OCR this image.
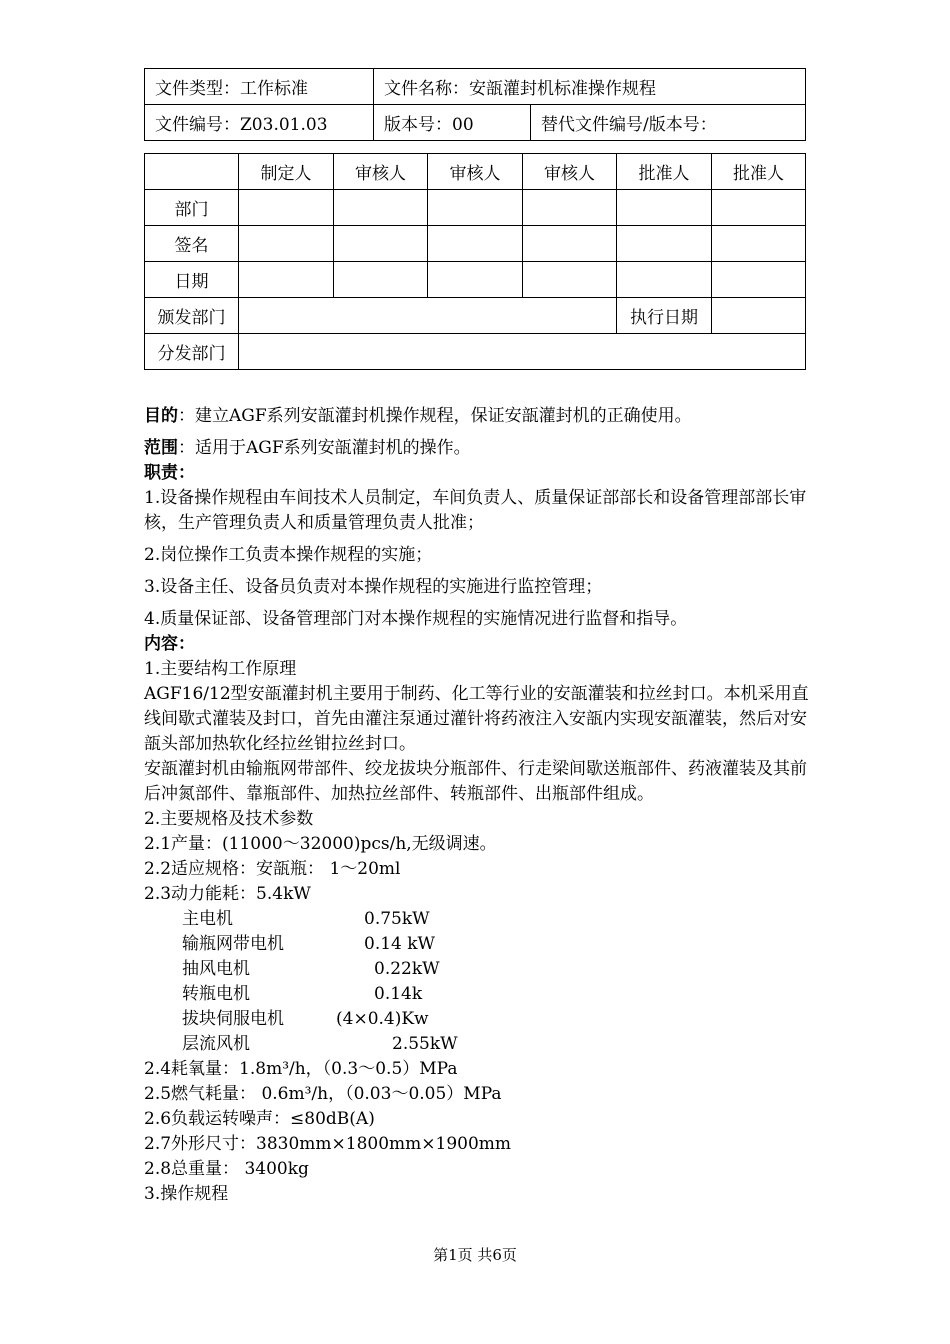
文件类型：工作标准	文件名称：安瓿灌封机标准操作规程	
文件编号：Z03.01.03	版本号：00	替代文件编号/版本号：
	制定人	审核人	审核人	审核人	批准人	批准人
部门						
签名						
日期						
颁发部门					执行日期	
分发部门						

目的：建立AGF系列安瓿灌封机操作规程，保证安瓿灌封机的正确使用。

范围：适用于AGF系列安瓿灌封机的操作。

职责：

1.设备操作规程由车间技术人员制定，车间负责人、质量保证部部长和设备管理部部长审核，生产管理负责人和质量管理负责人批准；

2.岗位操作工负责本操作规程的实施；

3.设备主任、设备员负责对本操作规程的实施进行监控管理；

4.质量保证部、设备管理部门对本操作规程的实施情况进行监督和指导。

内容：

1.主要结构工作原理

AGF16/12型安瓿灌封机主要用于制药、化工等行业的安瓿灌装和拉丝封口。本机采用直线间歇式灌装及封口，首先由灌注泵通过灌针将药液注入安瓿内实现安瓿灌装，然后对安瓿头部加热软化经拉丝钳拉丝封口。

安瓿灌封机由输瓶网带部件、绞龙拔块分瓶部件、行走梁间歇送瓶部件、药液灌装及其前后冲氮部件、靠瓶部件、加热拉丝部件、转瓶部件、出瓶部件组成。

2.主要规格及技术参数

2.1产量：(11000～32000)pcs/h,无级调速。

2.2适应规格：安瓿瓶： 1～20ml

2.3动力能耗：5.4kW

主电机	0.75kW
输瓶网带电机	0.14 kW
抽风电机	0.22kW
转瓶电机	0.14k
拔块伺服电机	(4×0.4)Kw
层流风机	2.55kW

2.4耗氧量：1.8m³/h，（0.3～0.5）MPa

2.5燃气耗量： 0.6m³/h，（0.03～0.05）MPa

2.6负载运转噪声：≤80dB(A)

2.7外形尺寸：3830mm×1800mm×1900mm

2.8总重量： 3400kg

3.操作规程

第1页 共6页
